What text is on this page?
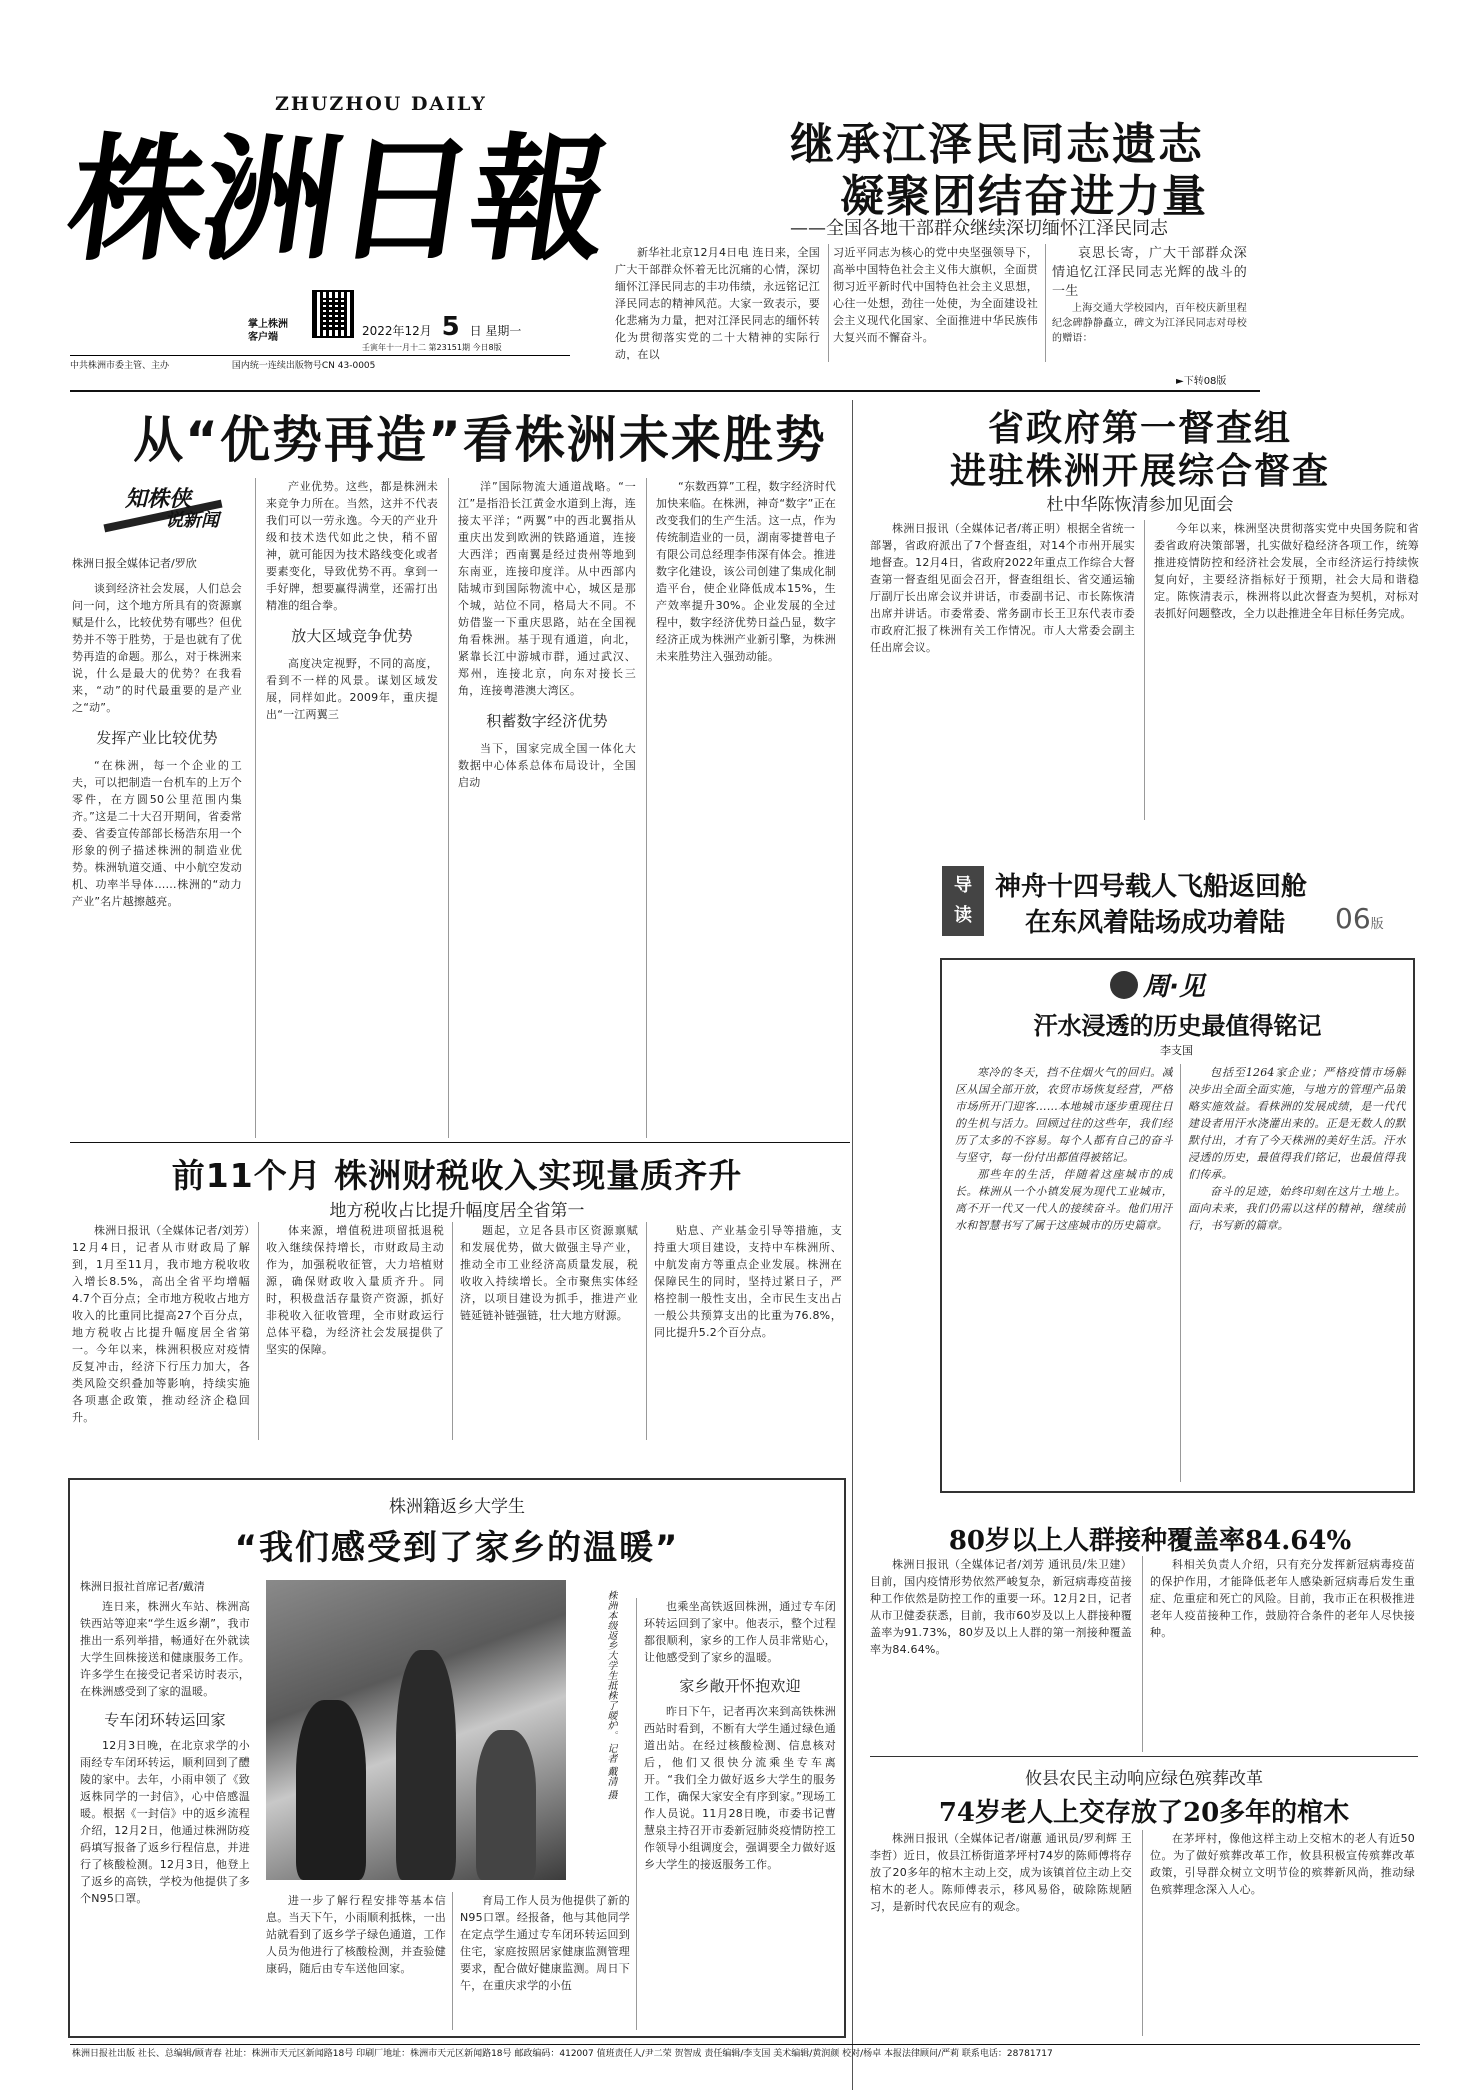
ZHUZHOU DAILY
株洲日報
掌上株洲
客户端	2022年12月 5 日 星期一
壬寅年十一月十二 第23151期 今日8版
中共株洲市委主管、主办	国内统一连续出版物号CN 43-0005
继承江泽民同志遗志
凝聚团结奋进力量
——全国各地干部群众继续深切缅怀江泽民同志

新华社北京12月4日电 连日来，全国广大干部群众怀着无比沉痛的心情，深切缅怀江泽民同志的丰功伟绩，永远铭记江泽民同志的精神风范。大家一致表示，要化悲痛为力量，把对江泽民同志的缅怀转化为贯彻落实党的二十大精神的实际行动，在以

习近平同志为核心的党中央坚强领导下，高举中国特色社会主义伟大旗帜，全面贯彻习近平新时代中国特色社会主义思想，心往一处想，劲往一处使，为全面建设社会主义现代化国家、全面推进中华民族伟大复兴而不懈奋斗。

哀思长寄，广大干部群众深情追忆江泽民同志光辉的战斗的一生

上海交通大学校园内，百年校庆新里程纪念碑静静矗立，碑文为江泽民同志对母校的赠语：

►下转08版
从“优势再造”看株洲未来胜势
知株侠
说新闻
株洲日报全媒体记者/罗欣

谈到经济社会发展，人们总会问一问，这个地方所具有的资源禀赋是什么，比较优势有哪些？但优势并不等于胜势，于是也就有了优势再造的命题。那么，对于株洲来说，什么是最大的优势？在我看来，“动”的时代最重要的是产业之“动”。

发挥产业比较优势

“在株洲，每一个企业的工夫，可以把制造一台机车的上万个零件，在方圆50公里范围内集齐。”这是二十大召开期间，省委常委、省委宣传部部长杨浩东用一个形象的例子描述株洲的制造业优势。株洲轨道交通、中小航空发动机、功率半导体……株洲的“动力产业”名片越擦越亮。

产业优势。这些，都是株洲未来竞争力所在。当然，这并不代表我们可以一劳永逸。今天的产业升级和技术迭代如此之快，稍不留神，就可能因为技术路线变化或者要素变化，导致优势不再。拿到一手好牌，想要赢得满堂，还需打出精准的组合拳。

放大区域竞争优势

高度决定视野，不同的高度，看到不一样的风景。谋划区域发展，同样如此。2009年，重庆提出“一江两翼三

洋”国际物流大通道战略。“一江”是指沿长江黄金水道到上海，连接太平洋；“两翼”中的西北翼指从重庆出发到欧洲的铁路通道，连接大西洋；西南翼是经过贵州等地到东南亚，连接印度洋。从中西部内陆城市到国际物流中心，城区是那个城，站位不同，格局大不同。不妨借鉴一下重庆思路，站在全国视角看株洲。基于现有通道，向北，紧靠长江中游城市群，通过武汉、郑州，连接北京，向东对接长三角，连接粤港澳大湾区。

积蓄数字经济优势

当下，国家完成全国一体化大数据中心体系总体布局设计，全国启动

“东数西算”工程，数字经济时代加快来临。在株洲，神奇“数字”正在改变我们的生产生活。这一点，作为传统制造业的一员，湖南零捷普电子有限公司总经理李伟深有体会。推进数字化建设，该公司创建了集成化制造平台，使企业降低成本15%，生产效率提升30%。企业发展的全过程中，数字经济优势日益凸显，数字经济正成为株洲产业新引擎，为株洲未来胜势注入强劲动能。

省政府第一督查组
进驻株洲开展综合督查
杜中华陈恢清参加见面会

株洲日报讯（全媒体记者/蒋正明）根据全省统一部署，省政府派出了7个督查组，对14个市州开展实地督查。12月4日，省政府2022年重点工作综合大督查第一督查组见面会召开，督查组组长、省交通运输厅副厅长出席会议并讲话，市委副书记、市长陈恢清出席并讲话。市委常委、常务副市长王卫东代表市委市政府汇报了株洲有关工作情况。市人大常委会副主任出席会议。

今年以来，株洲坚决贯彻落实党中央国务院和省委省政府决策部署，扎实做好稳经济各项工作，统筹推进疫情防控和经济社会发展，全市经济运行持续恢复向好，主要经济指标好于预期，社会大局和谐稳定。陈恢清表示，株洲将以此次督查为契机，对标对表抓好问题整改，全力以赴推进全年目标任务完成。

导
读
神舟十四号载人飞船返回舱
在东风着陆场成功着陆 06版
周·见
汗水浸透的历史最值得铭记
李支国

寒冷的冬天，挡不住烟火气的回归。减区从国全部开放，农贸市场恢复经营，严格市场所开门迎客……本地城市逐步重现往日的生机与活力。回顾过往的这些年，我们经历了太多的不容易。每个人都有自己的奋斗与坚守，每一份付出都值得被铭记。

那些年的生活，伴随着这座城市的成长。株洲从一个小镇发展为现代工业城市，离不开一代又一代人的接续奋斗。他们用汗水和智慧书写了属于这座城市的历史篇章。

包括至1264家企业；严格疫情市场解决步出全面全面实施，与地方的管理产品策略实施效益。看株洲的发展成绩，是一代代建设者用汗水浇灌出来的。正是无数人的默默付出，才有了今天株洲的美好生活。汗水浸透的历史，最值得我们铭记，也最值得我们传承。

奋斗的足迹，始终印刻在这片土地上。面向未来，我们仍需以这样的精神，继续前行，书写新的篇章。

前11个月 株洲财税收入实现量质齐升
地方税收占比提升幅度居全省第一

株洲日报讯（全媒体记者/刘芳）12月4日，记者从市财政局了解到，1月至11月，我市地方税收收入增长8.5%，高出全省平均增幅4.7个百分点；全市地方税收占地方收入的比重同比提高27个百分点，地方税收占比提升幅度居全省第一。今年以来，株洲积极应对疫情反复冲击，经济下行压力加大，各类风险交织叠加等影响，持续实施各项惠企政策，推动经济企稳回升。

体来源，增值税进项留抵退税收入继续保持增长，市财政局主动作为，加强税收征管，大力培植财源，确保财政收入量质齐升。同时，积极盘活存量资产资源，抓好非税收入征收管理，全市财政运行总体平稳，为经济社会发展提供了坚实的保障。

题起，立足各县市区资源禀赋和发展优势，做大做强主导产业，推动全市工业经济高质量发展，税收收入持续增长。全市聚焦实体经济，以项目建设为抓手，推进产业链延链补链强链，壮大地方财源。

贴息、产业基金引导等措施，支持重大项目建设，支持中车株洲所、中航发南方等重点企业发展。株洲在保障民生的同时，坚持过紧日子，严格控制一般性支出，全市民生支出占一般公共预算支出的比重为76.8%，同比提升5.2个百分点。

株洲籍返乡大学生
“我们感受到了家乡的温暖”
株洲日报社首席记者/戴清

连日来，株洲火车站、株洲高铁西站等迎来“学生返乡潮”，我市推出一系列举措，畅通好在外就读大学生回株接送和健康服务工作。许多学生在接受记者采访时表示，在株洲感受到了家的温暖。

专车闭环转运回家

12月3日晚，在北京求学的小雨经专车闭环转运，顺利回到了醴陵的家中。去年，小雨申领了《致返株同学的一封信》，心中倍感温暖。根据《一封信》中的返乡流程介绍，12月2日，他通过株洲防疫码填写报备了返乡行程信息，并进行了核酸检测。12月3日，他登上了返乡的高铁，学校为他提供了多个N95口罩。

株洲本级返乡大学生抵株了暖炉。 记者 戴清 摄

进一步了解行程安排等基本信息。当天下午，小雨顺利抵株，一出站就看到了返乡学子绿色通道，工作人员为他进行了核酸检测，并查验健康码，随后由专车送他回家。

育局工作人员为他提供了新的N95口罩。经报备，他与其他同学在定点学生通过专车闭环转运回到住宅，家庭按照居家健康监测管理要求，配合做好健康监测。周日下午，在重庆求学的小伍

也乘坐高铁返回株洲，通过专车闭环转运回到了家中。他表示，整个过程都很顺利，家乡的工作人员非常贴心，让他感受到了家乡的温暖。

家乡敞开怀抱欢迎

昨日下午，记者再次来到高铁株洲西站时看到，不断有大学生通过绿色通道出站。在经过核酸检测、信息核对后，他们又很快分流乘坐专车离开。“我们全力做好返乡大学生的服务工作，确保大家安全有序到家。”现场工作人员说。11月28日晚，市委书记曹慧泉主持召开市委新冠肺炎疫情防控工作领导小组调度会，强调要全力做好返乡大学生的接返服务工作。

80岁以上人群接种覆盖率84.64%

株洲日报讯（全媒体记者/刘芳 通讯员/朱卫建）目前，国内疫情形势依然严峻复杂，新冠病毒疫苗接种工作依然是防控工作的重要一环。12月2日，记者从市卫健委获悉，目前，我市60岁及以上人群接种覆盖率为91.73%，80岁及以上人群的第一剂接种覆盖率为84.64%。

科相关负责人介绍，只有充分发挥新冠病毒疫苗的保护作用，才能降低老年人感染新冠病毒后发生重症、危重症和死亡的风险。目前，我市正在积极推进老年人疫苗接种工作，鼓励符合条件的老年人尽快接种。

攸县农民主动响应绿色殡葬改革
74岁老人上交存放了20多年的棺木

株洲日报讯（全媒体记者/谢蕙 通讯员/罗利辉 王李哲）近日，攸县江桥街道茅坪村74岁的陈师傅将存放了20多年的棺木主动上交，成为该镇首位主动上交棺木的老人。陈师傅表示，移风易俗，破除陈规陋习，是新时代农民应有的观念。

在茅坪村，像他这样主动上交棺木的老人有近50位。为了做好殡葬改革工作，攸县积极宣传殡葬改革政策，引导群众树立文明节俭的殡葬新风尚，推动绿色殡葬理念深入人心。

株洲日报社出版 社长、总编辑/顾青春 社址：株洲市天元区新闻路18号 印刷厂地址：株洲市天元区新闻路18号 邮政编码：412007 值班责任人/尹二荣 贺智成 责任编辑/李支国 美术编辑/黄润颜 校对/杨卓 本报法律顾问/严莉 联系电话：28781717
